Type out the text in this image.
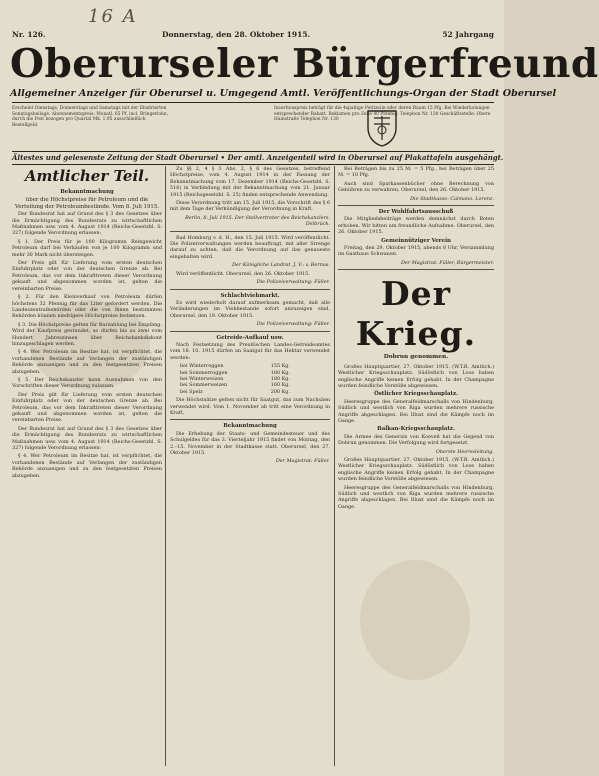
16 A
Nr. 126.	Donnerstag, den 28. Oktober 1915.	52 Jahrgang
Oberurseler Bürgerfreund
Allgemeiner Anzeiger für Oberursel u. Umgegend Amtl. Veröffentlichungs-Organ der Stadt Oberursel
Erscheint Dienstags, Donnerstags und Samstags mit der Illustrierten Sonntagsbeilage. Abonnementspreis: Monatl. 65 Pf. incl. Bringerlohn, durch die Post bezogen pro Quartal Mk. 1.95 ausschließlich Bestellgeld.
Insertionspreis beträgt für die 4spaltige Petitzeile oder deren Raum 15 Pfg. Bei Wiederholungen entsprechender Rabatt. Reklamen pro Zeile 40 Pfennig. Telephon Nr. 130 Geschäftsstelle: Obere Hainstraße Telephon Nr. 130
Ältestes und gelesenste Zeitung der Stadt Oberursel • Der amtl. Anzeigenteil wird in Oberursel auf Plakattafeln ausgehängt.
Amtlicher Teil.
Bekanntmachung
über die Höchstpreise für Petroleum und die Verteilung der Petroleumbestände. Vom 8. Juli 1915.

Der Bundesrat hat auf Grund des § 3 des Gesetzes über die Ermächtigung des Bundesrats zu wirtschaftlichen Maßnahmen usw. vom 4. August 1914 (Reichs-Gesetzbl. S. 327) folgende Verordnung erlassen:

§ 1. Der Preis für je 100 Kilogramm Reingewicht Petroleum darf bei Verkäufen von je 100 Kilogramm und mehr 30 Mark nicht übersteigen.

Der Preis gilt für Lieferung vom ersten deutschen Einfuhrplatz oder von der deutschen Grenze ab. Bei Petroleum, das vor dem Inkrafttreten dieser Verordnung gekauft und abgenommen worden ist, gelten die vereinbarten Preise.

§ 2. Für den Kleinverkauf von Petroleum dürfen höchstens 32 Pfennig für das Liter gefordert werden. Die Landeszentralbehörden oder die von ihnen bestimmten Behörden können niedrigere Höchstpreise festsetzen.

§ 3. Die Höchstpreise gelten für Barzahlung bei Empfang. Wird der Kaufpreis gestundet, so dürfen bis zu zwei vom Hundert Jahreszinsen über Reichsbankdiskont hinzugeschlagen werden.

§ 4. Wer Petroleum im Besitze hat, ist verpflichtet, die vorhandenen Bestände auf Verlangen der zuständigen Behörde anzuzeigen und zu den festgesetzten Preisen abzugeben.

§ 5. Der Reichskanzler kann Ausnahmen von den Vorschriften dieser Verordnung zulassen.

Der Preis gilt für Lieferung vom ersten deutschen Einfuhrplatz oder von der deutschen Grenze ab. Bei Petroleum, das vor dem Inkrafttreten dieser Verordnung gekauft und abgenommen worden ist, gelten die vereinbarten Preise.

Der Bundesrat hat auf Grund des § 3 des Gesetzes über die Ermächtigung des Bundesrats zu wirtschaftlichen Maßnahmen usw. vom 4. August 1914 (Reichs-Gesetzbl. S. 327) folgende Verordnung erlassen:

§ 4. Wer Petroleum im Besitze hat, ist verpflichtet, die vorhandenen Bestände auf Verlangen der zuständigen Behörde anzuzeigen und zu den festgesetzten Preisen abzugeben.

Zu §§ 2, 4 § 3 Abs. 2, § 6 des Gesetzes, betreffend Höchstpreise, vom 4. August 1914 in der Fassung der Bekanntmachung vom 17. Dezember 1914 (Reichs-Gesetzbl. S. 516) in Verbindung mit der Bekanntmachung vom 21. Januar 1915 (Reichsgesetzbl. S. 25) finden entsprechende Anwendung.

Diese Verordnung tritt am 15. Juli 1915, die Vorschrift des § 6 mit dem Tage der Verkündigung der Verordnung in Kraft.

Berlin, 8. Juli 1915. Der Stellvertreter des Reichskanzlers. Delbrück.

Bad Homburg v. d. H., den 15. Juli 1915. Wird veröffentlicht. Die Polizeiverwaltungen werden beauftragt, mit aller Strenge darauf zu achten, daß die Verordnung auf das genaueste eingehalten wird.

Der Königliche Landrat. J. V.: v. Bernus.

Wird veröffentlicht. Oberursel, den 26. Oktober 1915.

Die Polizeiverwaltung: Füller.
Schlachtviehmarkt.

Es wird wiederholt darauf aufmerksam gemacht, daß alle Veränderungen im Viehbestande sofort anzuzeigen sind. Oberursel, den 19. Oktober 1915.

Die Polizeiverwaltung: Füller.
Getreide-Aufkauf usw.

Nach Festsetzung des Preußischen Landes-Getreideamtes vom 18. 10. 1915 dürfen an Saatgut für das Hektar verwendet werden:

bei Winterroggen	155 Kg.
bei Sommerroggen	180 Kg.
bei Winterweizen	180 Kg.
bei Sommerweizen	160 Kg.
bei Spelz	200 Kg.

Die Höchstsätze gelten nicht für Saatgut, das zum Nachsäen verwendet wird. Vom 1. November ab tritt eine Verordnung in Kraft.

Bekanntmachung

Die Erhebung der Staats- und Gemeindesteuer und des Schulgeldes für das 3. Vierteljahr 1915 findet von Montag, den 2.–15. November in der Stadtkasse statt. Oberursel, den 27. Oktober 1915.

Der Magistrat: Füller.

Bei Beträgen bis zu 25 M. = 5 Pfg., bei Beträgen über 25 M. = 10 Pfg.

Auch sind Sparkassenbücher ohne Berechnung von Gebühren zu verwahren. Oberursel, den 26. Oktober 1915.

Die Stadtkasse: Calmano. Lorenz.
Der Wohlfahrtsausschuß

Die Mitgliedsbeiträge werden demnächst durch Boten erhoben. Wir bitten um freundliche Aufnahme. Oberursel, den 26. Oktober 1915.

Gemeinnütziger Verein

Freitag, den 29. Oktober 1915, abends 8 Uhr, Versammlung im Gasthaus Schwanen.

Der Magistrat: Füller, Bürgermeister.
Der Krieg.
Dobrun genommen.

Großes Hauptquartier, 27. Oktober 1915. (W.T.B. Amtlich.) Westlicher Kriegsschauplatz. Südöstlich von Loos haben englische Angriffe keinen Erfolg gehabt. In der Champagne wurden feindliche Vorstöße abgewiesen.

Östlicher Kriegsschauplatz.

Heeresgruppe des Generalfeldmarschalls von Hindenburg. Südlich und westlich von Riga wurden mehrere russische Angriffe abgeschlagen. Bei Illuxt sind die Kämpfe noch im Gange.

Balkan-Kriegsschauplatz.

Die Armee des Generals von Koeveß hat die Gegend von Dobrun genommen. Die Verfolgung wird fortgesetzt.

Oberste Heeresleitung.

Großes Hauptquartier, 27. Oktober 1915. (W.T.B. Amtlich.) Westlicher Kriegsschauplatz. Südöstlich von Loos haben englische Angriffe keinen Erfolg gehabt. In der Champagne wurden feindliche Vorstöße abgewiesen.

Heeresgruppe des Generalfeldmarschalls von Hindenburg. Südlich und westlich von Riga wurden mehrere russische Angriffe abgeschlagen. Bei Illuxt sind die Kämpfe noch im Gange.
